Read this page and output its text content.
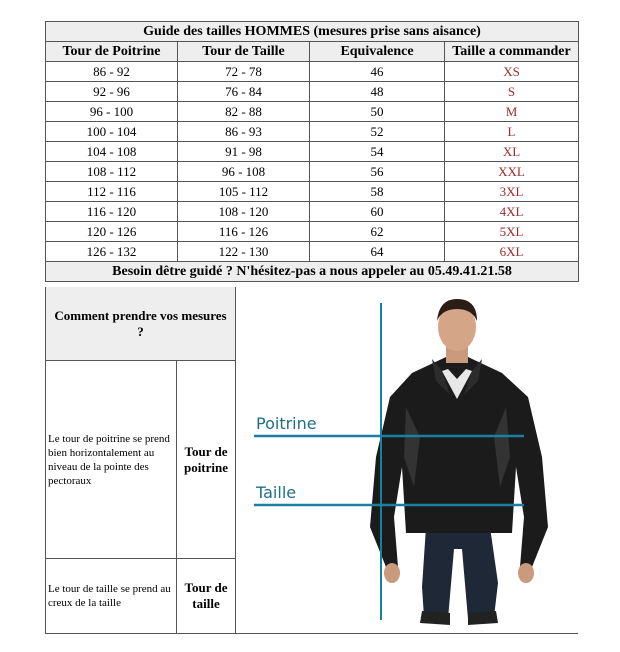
Guide des tailles HOMMES (mesures prise sans aisance)			
Tour de Poitrine	Tour de Taille	Equivalence	Taille a commander
86 - 92	72 - 78	46	XS
92 - 96	76 - 84	48	S
96 - 100	82 - 88	50	M
100 - 104	86 - 93	52	L
104 - 108	91 - 98	54	XL
108 - 112	96 - 108	56	XXL
112 - 116	105 - 112	58	3XL
116 - 120	108 - 120	60	4XL
120 - 126	116 - 126	62	5XL
126 - 132	122 - 130	64	6XL
Besoin dêtre guidé ? N'hésitez-pas a nous appeler au 05.49.41.21.58			
Comment prendre vos mesures ?
Le tour de poitrine se prend bien horizontalement au niveau de la pointe des pectoraux
Tour de poitrine
Le tour de taille se prend au creux de la taille
Tour de taille
Poitrine
Taille
